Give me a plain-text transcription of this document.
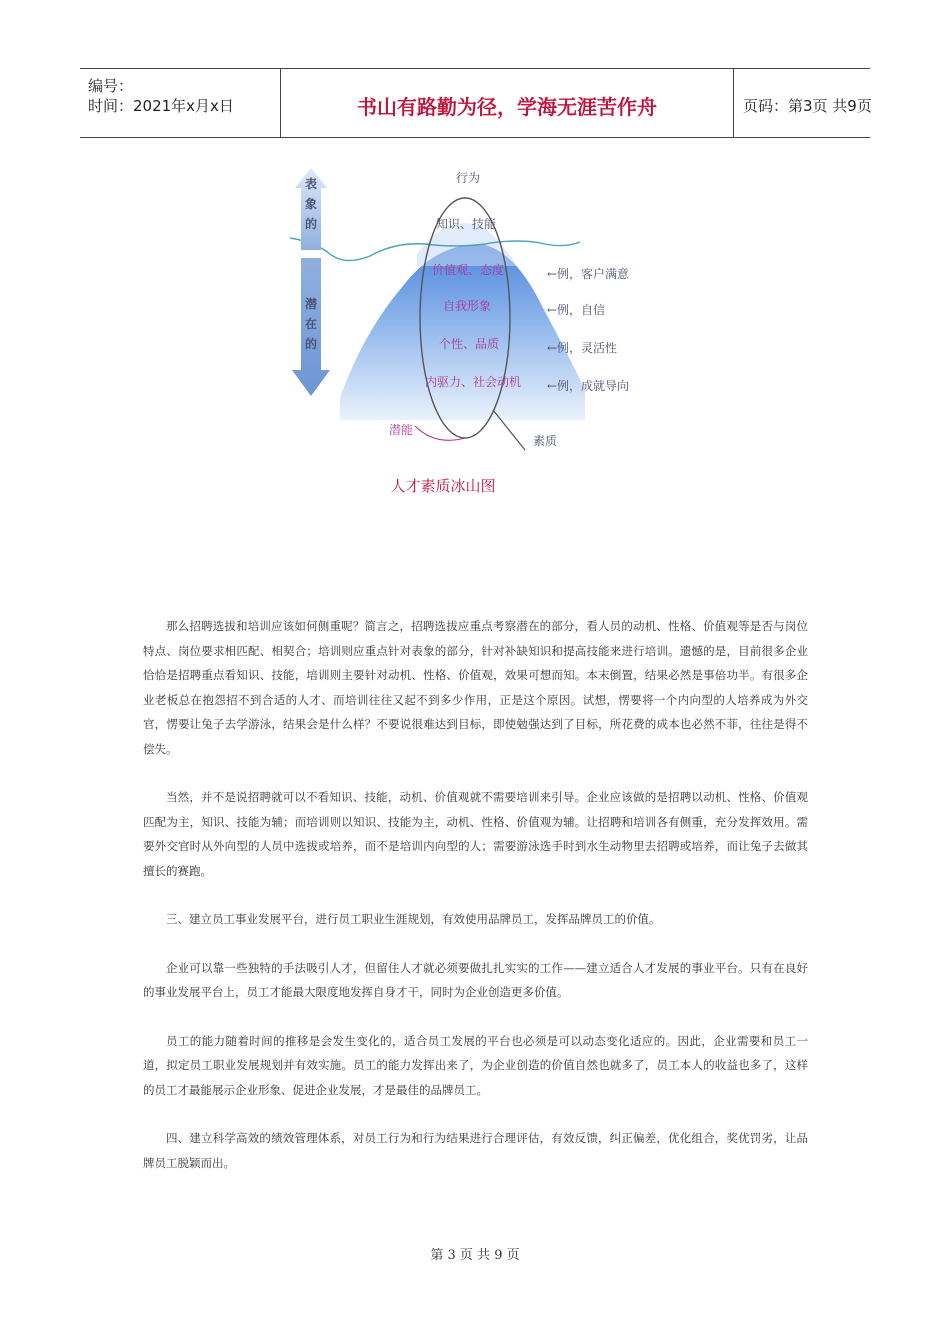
编号：
时间：2021年x月x日	书山有路勤为径，学海无涯苦作舟	页码：第3页 共9页
表
象
的
潜
在
的
行为
知识、技能
价值观、态度
自我形象
个性、品质
内驱力、社会动机
←例，客户满意
←例，自信
←例，灵活性
←例，成就导向
潜能
素质
人才素质冰山图

那么招聘选拔和培训应该如何侧重呢？简言之，招聘选拔应重点考察潜在的部分，看人员的动机、性格、价值观等是否与岗位特点、岗位要求相匹配、相契合；培训则应重点针对表象的部分，针对补缺知识和提高技能来进行培训。遗憾的是，目前很多企业恰恰是招聘重点看知识、技能，培训则主要针对动机、性格、价值观，效果可想而知。本末倒置，结果必然是事倍功半。有很多企业老板总在抱怨招不到合适的人才、而培训往往又起不到多少作用，正是这个原因。试想，愣要将一个内向型的人培养成为外交官，愣要让兔子去学游泳，结果会是什么样？不要说很难达到目标，即使勉强达到了目标，所花费的成本也必然不菲，往往是得不偿失。

当然，并不是说招聘就可以不看知识、技能，动机、价值观就不需要培训来引导。企业应该做的是招聘以动机、性格、价值观匹配为主，知识、技能为辅；而培训则以知识、技能为主，动机、性格、价值观为辅。让招聘和培训各有侧重，充分发挥效用。需要外交官时从外向型的人员中选拔或培养，而不是培训内向型的人；需要游泳选手时到水生动物里去招聘或培养，而让兔子去做其擅长的赛跑。

三、建立员工事业发展平台，进行员工职业生涯规划，有效使用品牌员工，发挥品牌员工的价值。

企业可以靠一些独特的手法吸引人才，但留住人才就必须要做扎扎实实的工作——建立适合人才发展的事业平台。只有在良好的事业发展平台上，员工才能最大限度地发挥自身才干，同时为企业创造更多价值。

员工的能力随着时间的推移是会发生变化的，适合员工发展的平台也必须是可以动态变化适应的。因此，企业需要和员工一道，拟定员工职业发展规划并有效实施。员工的能力发挥出来了，为企业创造的价值自然也就多了，员工本人的收益也多了，这样的员工才最能展示企业形象、促进企业发展，才是最佳的品牌员工。

四、建立科学高效的绩效管理体系，对员工行为和行为结果进行合理评估，有效反馈，纠正偏差，优化组合，奖优罚劣，让品牌员工脱颖而出。

第 3 页 共 9 页
